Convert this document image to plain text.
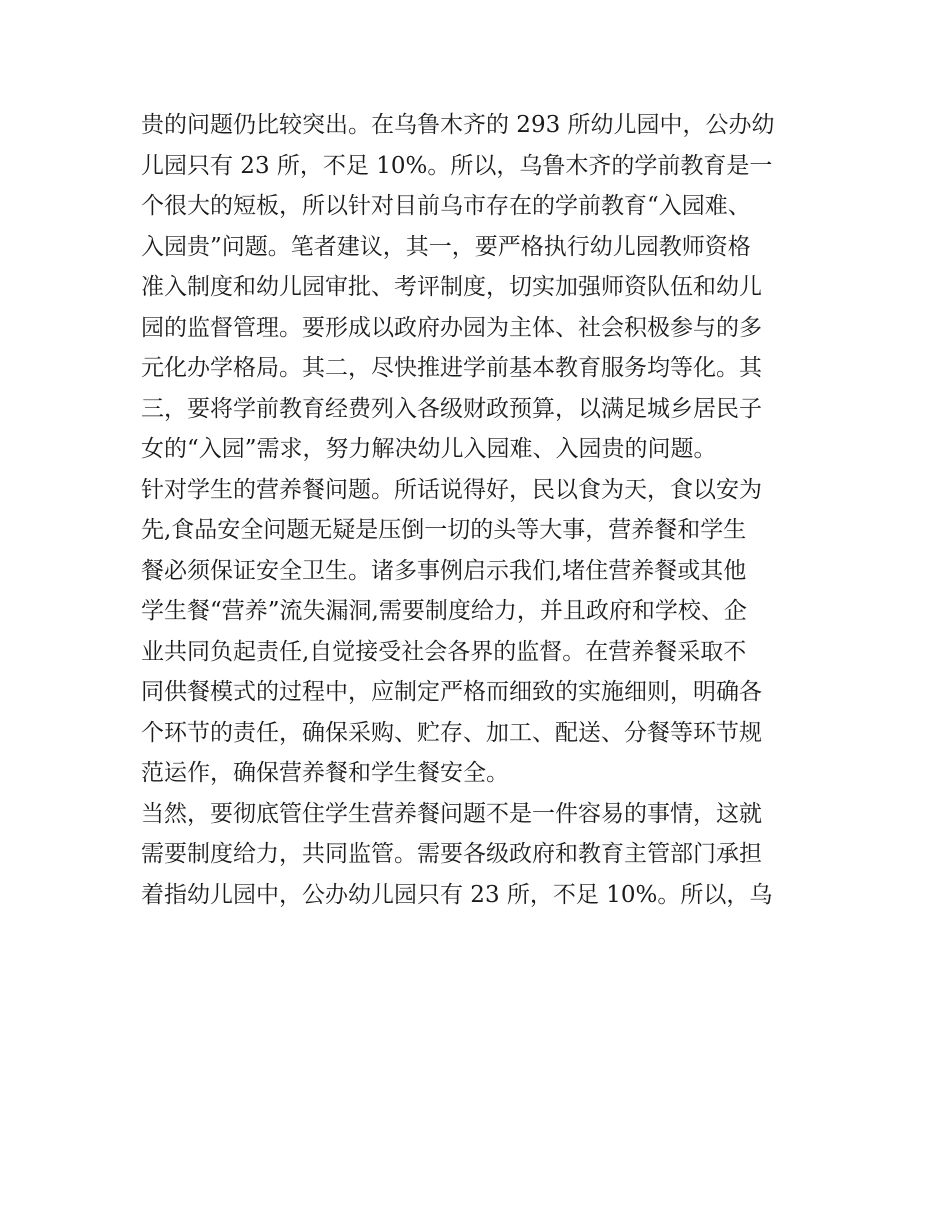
贵的问题仍比较突出。在乌鲁木齐的 293 所幼儿园中，公办幼
儿园只有 23 所，不足 10%。所以，乌鲁木齐的学前教育是一
个很大的短板，所以针对目前乌市存在的学前教育“入园难、
入园贵”问题。笔者建议，其一，要严格执行幼儿园教师资格
准入制度和幼儿园审批、考评制度，切实加强师资队伍和幼儿
园的监督管理。要形成以政府办园为主体、社会积极参与的多
元化办学格局。其二，尽快推进学前基本教育服务均等化。其
三，要将学前教育经费列入各级财政预算，以满足城乡居民子
女的“入园”需求，努力解决幼儿入园难、入园贵的问题。
针对学生的营养餐问题。所话说得好，民以食为天，食以安为
先,食品安全问题无疑是压倒一切的头等大事，营养餐和学生
餐必须保证安全卫生。诸多事例启示我们,堵住营养餐或其他
学生餐“营养”流失漏洞,需要制度给力，并且政府和学校、企
业共同负起责任,自觉接受社会各界的监督。在营养餐采取不
同供餐模式的过程中，应制定严格而细致的实施细则，明确各
个环节的责任，确保采购、贮存、加工、配送、分餐等环节规
范运作，确保营养餐和学生餐安全。
当然，要彻底管住学生营养餐问题不是一件容易的事情，这就
需要制度给力，共同监管。需要各级政府和教育主管部门承担
着指幼儿园中，公办幼儿园只有 23 所，不足 10%。所以，乌
